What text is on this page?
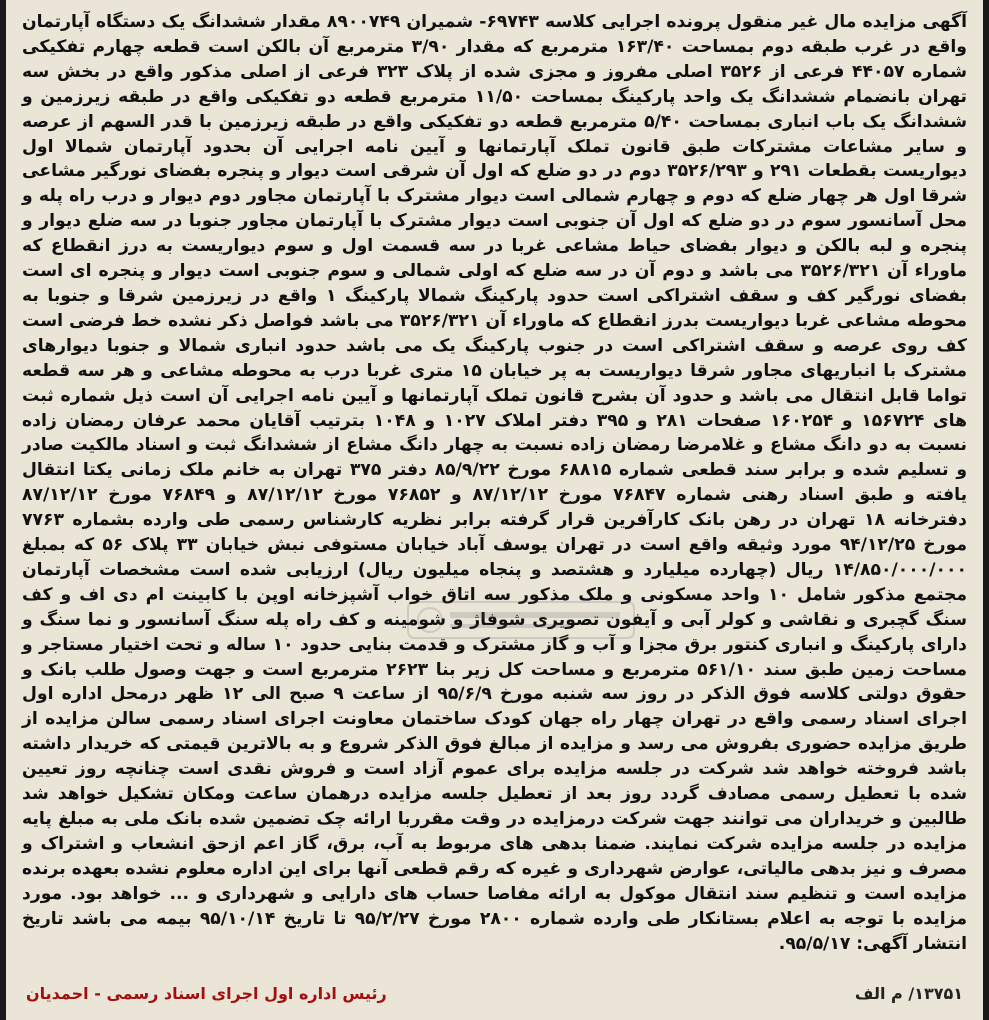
آگهی مزایده مال غیر منقول پرونده اجرایی کلاسه ۶۹۷۴۳- شمیران ۸۹۰۰۷۴۹ مقدار ششدانگ یک دستگاه آپارتمان واقع در غرب طبقه دوم بمساحت ۱۶۳/۴۰ مترمربع که مقدار ۳/۹۰ مترمربع آن بالکن است قطعه چهارم تفکیکی شماره ۴۴۰۵۷ فرعی از ۳۵۲۶ اصلی مفروز و مجزی شده از پلاک ۳۲۳ فرعی از اصلی مذکور واقع در بخش سه تهران بانضمام ششدانگ یک واحد پارکینگ بمساحت ۱۱/۵۰ مترمربع قطعه دو تفکیکی واقع در طبقه زیرزمین و ششدانگ یک باب انباری بمساحت ۵/۴۰ مترمربع قطعه دو تفکیکی واقع در طبقه زیرزمین با قدر السهم از عرصه و سایر مشاعات مشترکات طبق قانون تملک آپارتمانها و آیین نامه اجرایی آن بحدود آپارتمان شمالا اول دیواریست بقطعات ۲۹۱ و ۳۵۲۶/۲۹۳ دوم در دو ضلع که اول آن شرقی است دیوار و پنجره بفضای نورگیر مشاعی شرقا اول هر چهار ضلع که دوم و چهارم شمالی است دیوار مشترک با آپارتمان مجاور دوم دیوار و درب راه پله و محل آسانسور سوم در دو ضلع که اول آن جنوبی است دیوار مشترک با آپارتمان مجاور جنوبا در سه ضلع دیوار و پنجره و لبه بالکن و دیوار بفضای حیاط مشاعی غربا در سه قسمت اول و سوم دیواریست به درز انقطاع که ماوراء آن ۳۵۲۶/۳۲۱ می باشد و دوم آن در سه ضلع که اولی شمالی و سوم جنوبی است دیوار و پنجره ای است بفضای نورگیر کف و سقف اشتراکی است حدود پارکینگ شمالا پارکینگ ۱ واقع در زیرزمین شرقا و جنوبا به محوطه مشاعی غربا دیواریست بدرز انقطاع که ماوراء آن ۳۵۲۶/۳۲۱ می باشد فواصل ذکر نشده خط فرضی است کف روی عرصه و سقف اشتراکی است در جنوب پارکینگ یک می باشد حدود انباری شمالا و جنوبا دیوارهای مشترک با انباریهای مجاور شرقا دیواریست به پر خیابان ۱۵ متری غربا درب به محوطه مشاعی و هر سه قطعه تواما قابل انتقال می باشد و حدود آن بشرح قانون تملک آپارتمانها و آیین نامه اجرایی آن است ذیل شماره ثبت های ۱۵۶۷۲۴ و ۱۶۰۲۵۴ صفحات ۲۸۱ و ۳۹۵ دفتر املاک ۱۰۲۷ و ۱۰۴۸ بترتیب آقایان محمد عرفان رمضان زاده نسبت به دو دانگ مشاع و غلامرضا رمضان زاده نسبت به چهار دانگ مشاع از ششدانگ ثبت و اسناد مالکیت صادر و تسلیم شده و برابر سند قطعی شماره ۶۸۸۱۵ مورخ ۸۵/۹/۲۲ دفتر ۳۷۵ تهران به خانم ملک زمانی یکتا انتقال یافته و طبق اسناد رهنی شماره ۷۶۸۴۷ مورخ ۸۷/۱۲/۱۲ و ۷۶۸۵۲ مورخ ۸۷/۱۲/۱۲ و ۷۶۸۴۹ مورخ ۸۷/۱۲/۱۲ دفترخانه ۱۸ تهران در رهن بانک کارآفرین قرار گرفته برابر نظریه کارشناس رسمی طی وارده بشماره ۷۷۶۳ مورخ ۹۴/۱۲/۲۵ مورد وثیقه واقع است در تهران یوسف آباد خیابان مستوفی نبش خیابان ۳۳ پلاک ۵۶ که بمبلغ ۱۴/۸۵۰/۰۰۰/۰۰۰ ریال (چهارده میلیارد و هشتصد و پنجاه میلیون ریال) ارزیابی شده است مشخصات آپارتمان مجتمع مذکور شامل ۱۰ واحد مسکونی و ملک مذکور سه اتاق خواب آشپزخانه اوپن با کابینت ام دی اف و کف سنگ گچبری و نقاشی و کولر آبی و آیفون تصویری شوفاژ و شومینه و کف راه پله سنگ آسانسور و نما سنگ و دارای پارکینگ و انباری کنتور برق مجزا و آب و گاز مشترک و قدمت بنایی حدود ۱۰ ساله و تحت اختیار مستاجر و مساحت زمین طبق سند ۵۶۱/۱۰ مترمربع و مساحت کل زیر بنا ۲۶۲۳ مترمربع است و جهت وصول طلب بانک و حقوق دولتی کلاسه فوق الذکر در روز سه شنبه مورخ ۹۵/۶/۹ از ساعت ۹ صبح الی ۱۲ ظهر درمحل اداره اول اجرای اسناد رسمی واقع در تهران چهار راه جهان کودک ساختمان معاونت اجرای اسناد رسمی سالن مزایده از طریق مزایده حضوری بفروش می رسد و مزایده از مبالغ فوق الذکر شروع و به بالاترین قیمتی که خریدار داشته باشد فروخته خواهد شد شرکت در جلسه مزایده برای عموم آزاد است و فروش نقدی است چنانچه روز تعیین شده با تعطیل رسمی مصادف گردد روز بعد از تعطیل جلسه مزایده درهمان ساعت ومکان تشکیل خواهد شد طالبین و خریداران می توانند جهت شرکت درمزایده در وقت مقرربا ارائه چک تضمین شده بانک ملی به مبلغ پایه مزایده در جلسه مزایده شرکت نمایند. ضمنا بدهی های مربوط به آب، برق، گاز اعم ازحق انشعاب و اشتراک و مصرف و نیز بدهی مالیاتی، عوارض شهرداری و غیره که رقم قطعی آنها برای این اداره معلوم نشده بعهده برنده مزایده است و تنظیم سند انتقال موکول به ارائه مفاصا حساب های دارایی و شهرداری و ... خواهد بود. مورد مزایده با توجه به اعلام بستانکار طی وارده شماره ۲۸۰۰ مورخ ۹۵/۲/۲۷ تا تاریخ ۹۵/۱۰/۱۴ بیمه می باشد تاریخ انتشار آگهی: ۹۵/۵/۱۷.

۱۳۷۵۱/ م الف
رئیس اداره اول اجرای اسناد رسمی - احمدیان
